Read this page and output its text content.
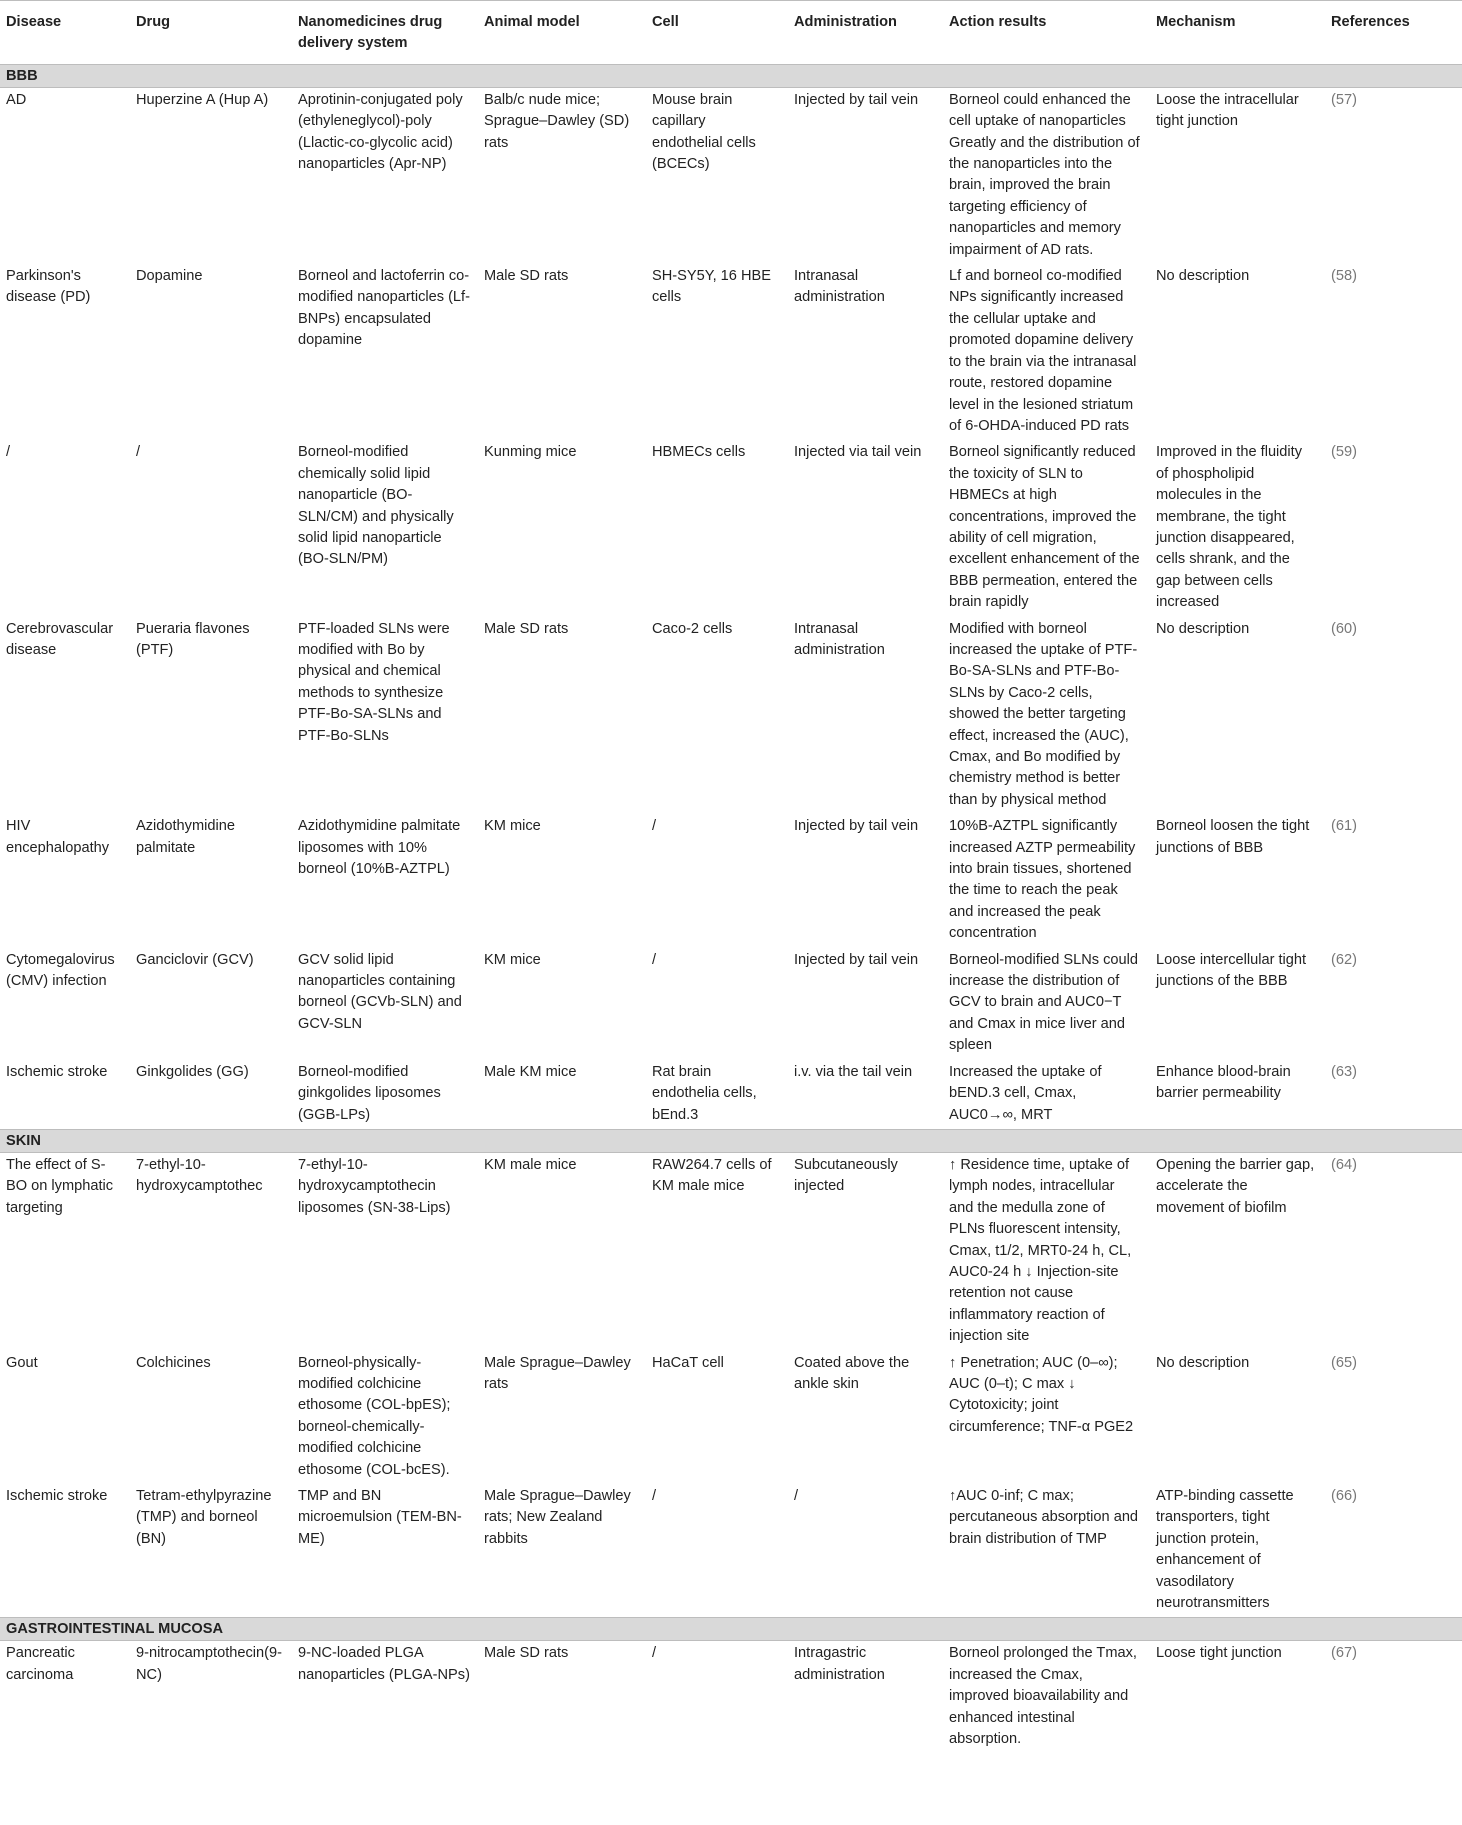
Disease	Drug	Nanomedicines drug delivery system	Animal model	Cell	Administration	Action results	Mechanism	References
BBB								
AD	Huperzine A (Hup A)	Aprotinin-conjugated poly (ethyleneglycol)-poly (Llactic-co-glycolic acid) nanoparticles (Apr-NP)	Balb/c nude mice; Sprague–Dawley (SD) rats	Mouse brain capillary endothelial cells (BCECs)	Injected by tail vein	Borneol could enhanced the cell uptake of nanoparticles Greatly and the distribution of the nanoparticles into the brain, improved the brain targeting efficiency of nanoparticles and memory impairment of AD rats.	Loose the intracellular tight junction	(57)
Parkinson's disease (PD)	Dopamine	Borneol and lactoferrin co-modified nanoparticles (Lf-BNPs) encapsulated dopamine	Male SD rats	SH-SY5Y, 16 HBE cells	Intranasal administration	Lf and borneol co-modified NPs significantly increased the cellular uptake and promoted dopamine delivery to the brain via the intranasal route, restored dopamine level in the lesioned striatum of 6-OHDA-induced PD rats	No description	(58)
/	/	Borneol-modified chemically solid lipid nanoparticle (BO-SLN/CM) and physically solid lipid nanoparticle (BO-SLN/PM)	Kunming mice	HBMECs cells	Injected via tail vein	Borneol significantly reduced the toxicity of SLN to HBMECs at high concentrations, improved the ability of cell migration, excellent enhancement of the BBB permeation, entered the brain rapidly	Improved in the fluidity of phospholipid molecules in the membrane, the tight junction disappeared, cells shrank, and the gap between cells increased	(59)
Cerebrovascular disease	Pueraria flavones (PTF)	PTF-loaded SLNs were modified with Bo by physical and chemical methods to synthesize PTF-Bo-SA-SLNs and PTF-Bo-SLNs	Male SD rats	Caco-2 cells	Intranasal administration	Modified with borneol increased the uptake of PTF-Bo-SA-SLNs and PTF-Bo-SLNs by Caco-2 cells, showed the better targeting effect, increased the (AUC), Cmax, and Bo modified by chemistry method is better than by physical method	No description	(60)
HIV encephalopathy	Azidothymidine palmitate	Azidothymidine palmitate liposomes with 10% borneol (10%B-AZTPL)	KM mice	/	Injected by tail vein	10%B-AZTPL significantly increased AZTP permeability into brain tissues, shortened the time to reach the peak and increased the peak concentration	Borneol loosen the tight junctions of BBB	(61)
Cytomegalovirus (CMV) infection	Ganciclovir (GCV)	GCV solid lipid nanoparticles containing borneol (GCVb-SLN) and GCV-SLN	KM mice	/	Injected by tail vein	Borneol-modified SLNs could increase the distribution of GCV to brain and AUC0−T and Cmax in mice liver and spleen	Loose intercellular tight junctions of the BBB	(62)
Ischemic stroke	Ginkgolides (GG)	Borneol-modified ginkgolides liposomes (GGB-LPs)	Male KM mice	Rat brain endothelia cells, bEnd.3	i.v. via the tail vein	Increased the uptake of bEND.3 cell, Cmax, AUC0→∞, MRT	Enhance blood-brain barrier permeability	(63)
SKIN								
The effect of S-BO on lymphatic targeting	7-ethyl-10-hydroxycamptothec	7-ethyl-10-hydroxycamptothecin liposomes (SN-38-Lips)	KM male mice	RAW264.7 cells of KM male mice	Subcutaneously injected	↑ Residence time, uptake of lymph nodes, intracellular and the medulla zone of PLNs fluorescent intensity, Cmax, t1/2, MRT0-24 h, CL, AUC0-24 h ↓ Injection-site retention not cause inflammatory reaction of injection site	Opening the barrier gap, accelerate the movement of biofilm	(64)
Gout	Colchicines	Borneol-physically-modified colchicine ethosome (COL-bpES); borneol-chemically-modified colchicine ethosome (COL-bcES).	Male Sprague–Dawley rats	HaCaT cell	Coated above the ankle skin	↑ Penetration; AUC (0–∞); AUC (0–t); C max ↓ Cytotoxicity; joint circumference; TNF-α PGE2	No description	(65)
Ischemic stroke	Tetram-ethylpyrazine (TMP) and borneol (BN)	TMP and BN microemulsion (TEM-BN-ME)	Male Sprague–Dawley rats; New Zealand rabbits	/	/	↑AUC 0-inf; C max; percutaneous absorption and brain distribution of TMP	ATP-binding cassette transporters, tight junction protein, enhancement of vasodilatory neurotransmitters	(66)
GASTROINTESTINAL MUCOSA								
Pancreatic carcinoma	9-nitrocamptothecin(9-NC)	9-NC-loaded PLGA nanoparticles (PLGA-NPs)	Male SD rats	/	Intragastric administration	Borneol prolonged the Tmax, increased the Cmax, improved bioavailability and enhanced intestinal absorption.	Loose tight junction	(67)
